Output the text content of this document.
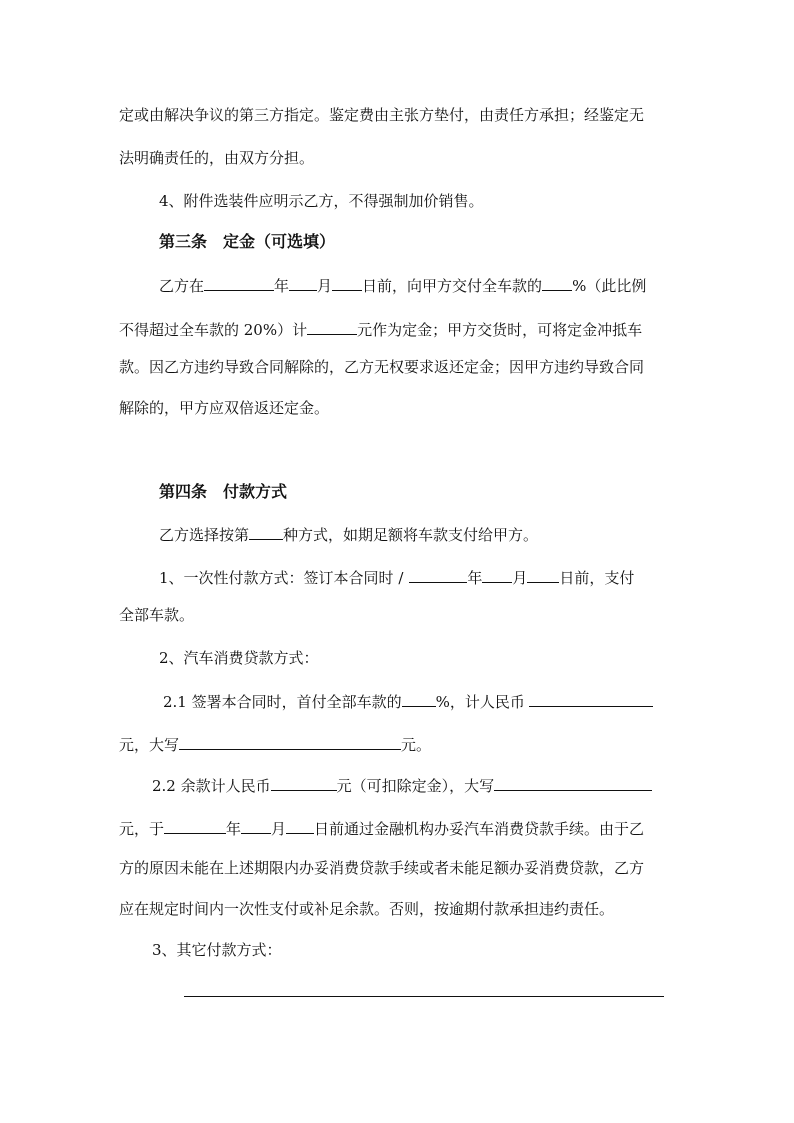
定或由解决争议的第三方指定。鉴定费由主张方垫付，由责任方承担；经鉴定无
法明确责任的，由双方分担。
4、附件选装件应明示乙方，不得强制加价销售。
第三条　定金（可选填）
乙方在	年 月 日前，向甲方交付全车款的 %（此比例
不得超过全车款的 20%）计	元作为定金；甲方交货时，可将定金冲抵车
款。因乙方违约导致合同解除的，乙方无权要求返还定金；因甲方违约导致合同
解除的，甲方应双倍返还定金。
第四条　付款方式
乙方选择按第 种方式，如期足额将车款支付给甲方。
1、一次性付款方式：签订本合同时 /	年 月 日前，支付
全部车款。
2、汽车消费贷款方式：
2.1 签署本合同时，首付全部车款的 %，计人民币
元，大写	元。
2.2 余款计人民币	元（可扣除定金），大写
元，于	年 月 日前通过金融机构办妥汽车消费贷款手续。由于乙
方的原因未能在上述期限内办妥消费贷款手续或者未能足额办妥消费贷款，乙方
应在规定时间内一次性支付或补足余款。否则，按逾期付款承担违约责任。
3、其它付款方式：
